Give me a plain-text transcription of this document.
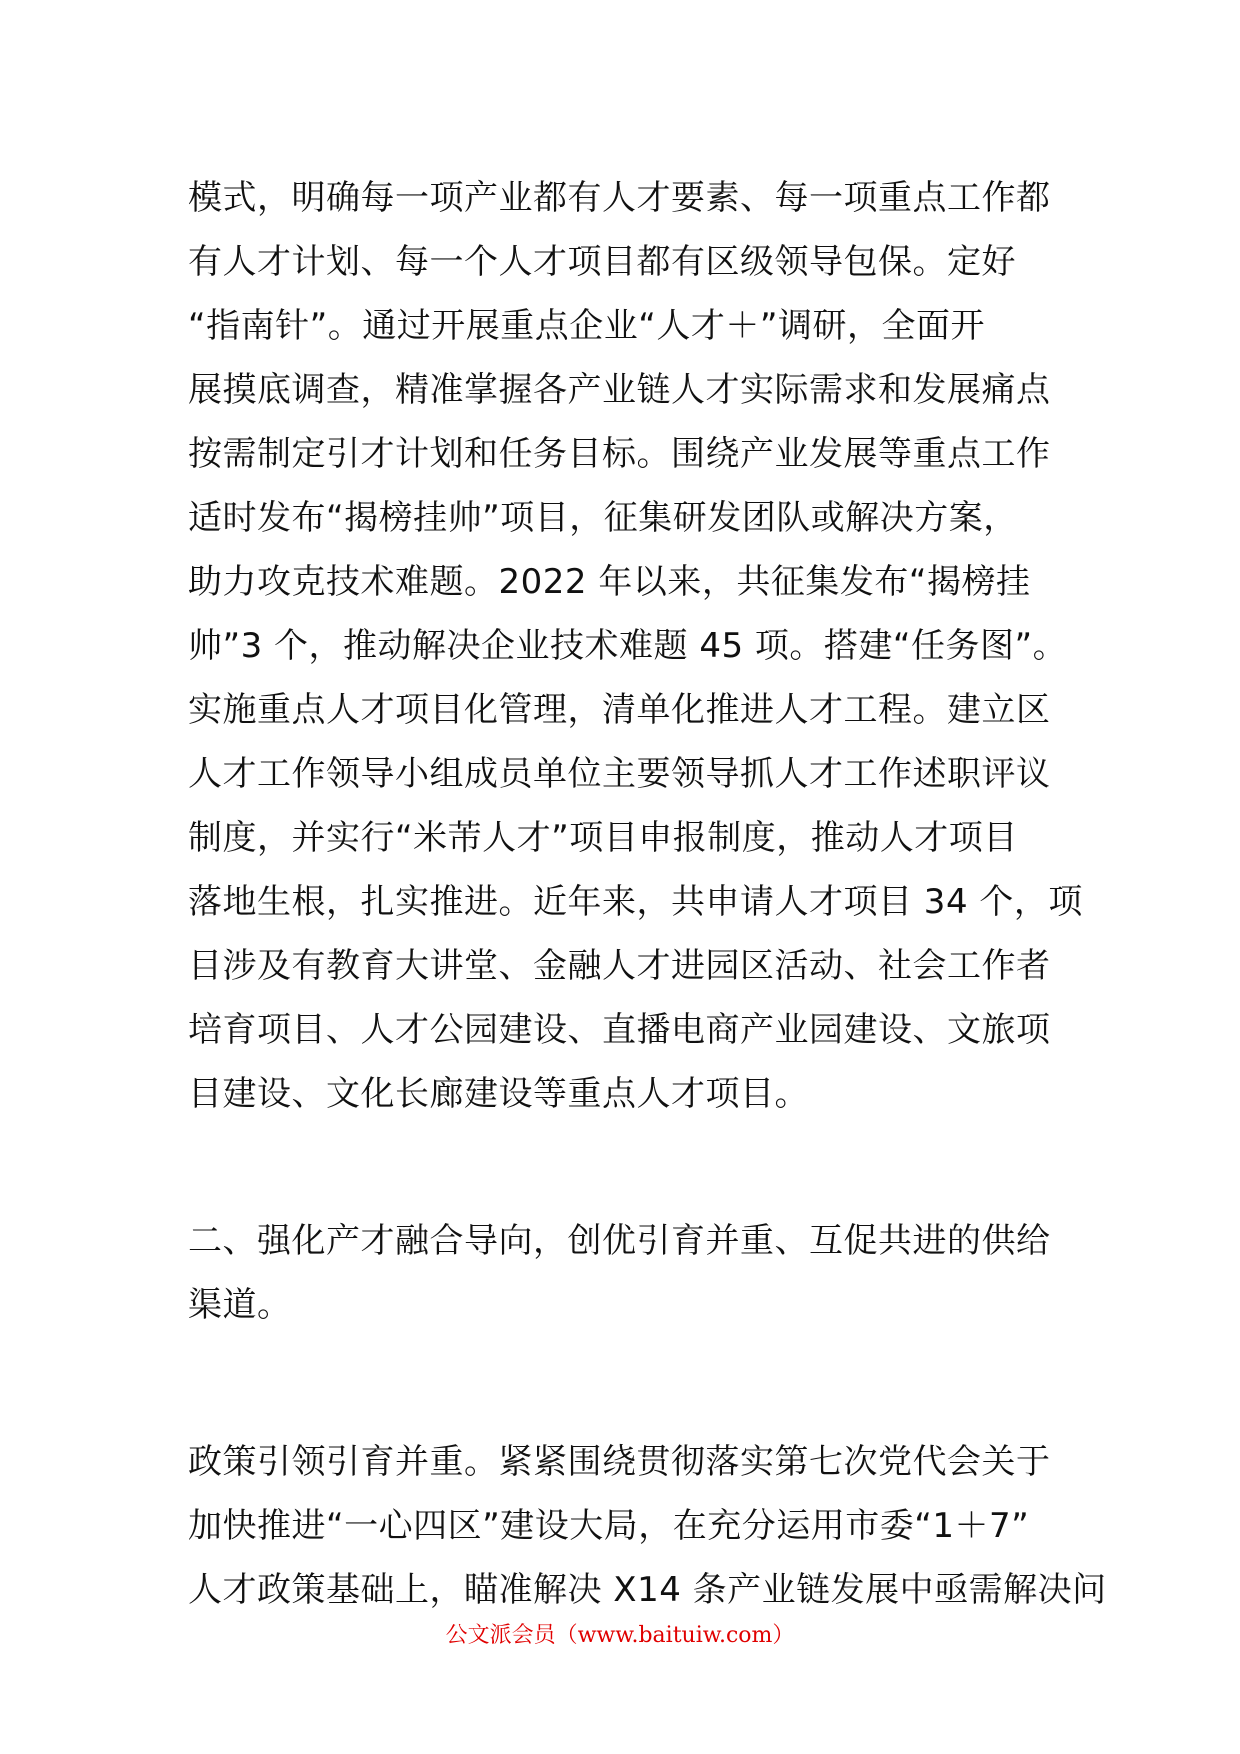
模式，明确每一项产业都有人才要素、每一项重点工作都
有人才计划、每一个人才项目都有区级领导包保。定好
“指南针”。通过开展重点企业“人才＋”调研，全面开
展摸底调查，精准掌握各产业链人才实际需求和发展痛点
按需制定引才计划和任务目标。围绕产业发展等重点工作
适时发布“揭榜挂帅”项目，征集研发团队或解决方案，
助力攻克技术难题。2022 年以来，共征集发布“揭榜挂
帅”3 个，推动解决企业技术难题 45 项。搭建“任务图”。
实施重点人才项目化管理，清单化推进人才工程。建立区
人才工作领导小组成员单位主要领导抓人才工作述职评议
制度，并实行“米芾人才”项目申报制度，推动人才项目
落地生根，扎实推进。近年来，共申请人才项目 34 个，项
目涉及有教育大讲堂、金融人才进园区活动、社会工作者
培育项目、人才公园建设、直播电商产业园建设、文旅项
目建设、文化长廊建设等重点人才项目。
二、强化产才融合导向，创优引育并重、互促共进的供给
渠道。
政策引领引育并重。紧紧围绕贯彻落实第七次党代会关于
加快推进“一心四区”建设大局，在充分运用市委“1＋7”
人才政策基础上，瞄准解决 X14 条产业链发展中亟需解决问
公文派会员（www.baituiw.com）
